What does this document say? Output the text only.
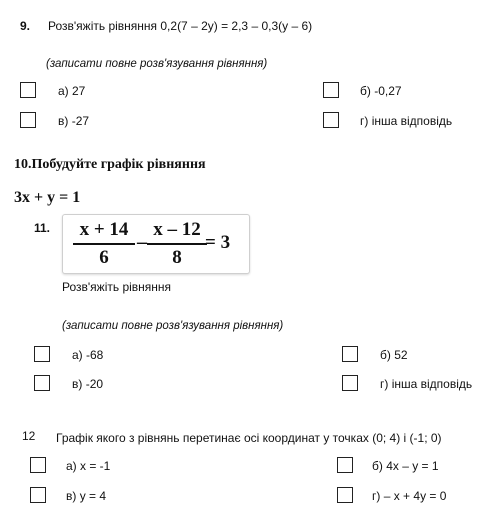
9. Розв'яжіть рівняння 0,2(7 – 2y) = 2,3 – 0,3(y – 6)
(записати повне розв'язування рівняння)
а) 27	б) -0,27
в) -27	г) інша відповідь
10.Побудуйте графік рівняння
3x + y = 1
11.	x + 14
6
–
x – 12
8
= 3
Розв'яжіть рівняння
(записати повне розв'язування рівняння)
а) -68	б) 52
в) -20	г) інша відповідь
12 Графік якого з рівнянь перетинає осі координат у точках (0; 4) і (-1; 0)
а) x = -1	б) 4x – y = 1
в) y = 4	г) – x + 4y = 0
